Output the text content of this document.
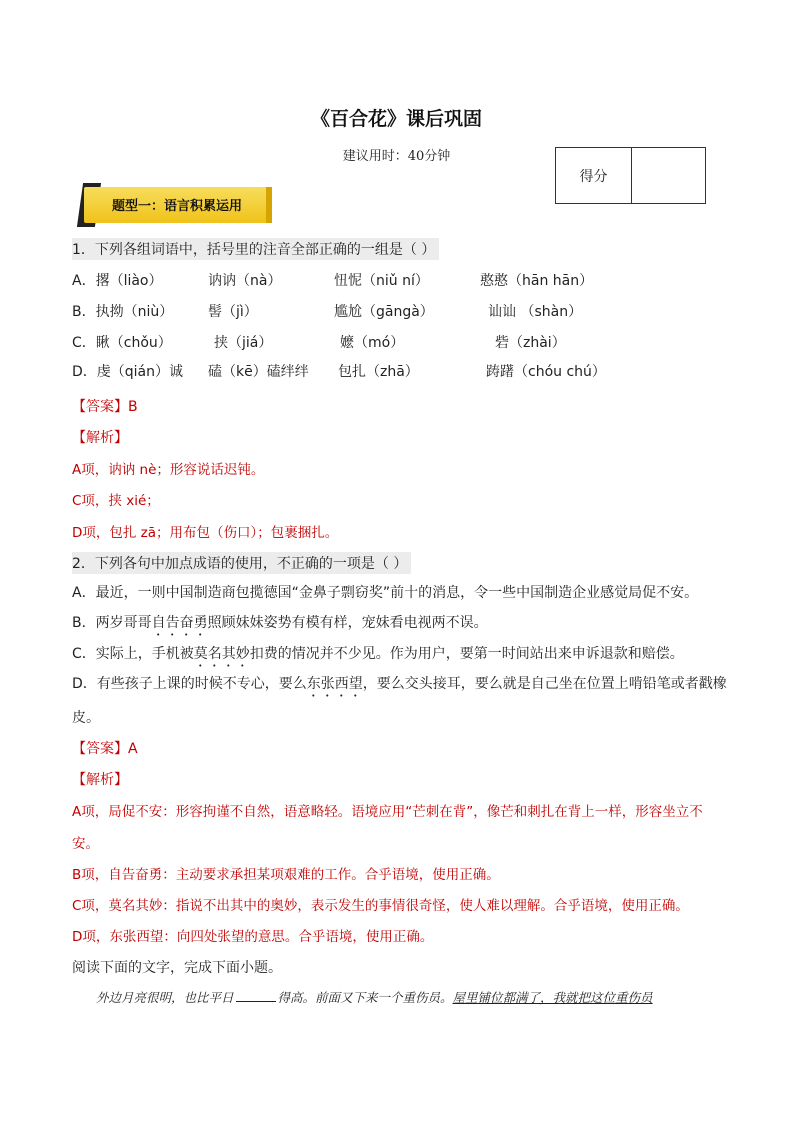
《百合花》课后巩固
建议用时：40分钟
得分
题型一：语言积累运用
1．下列各组词语中，括号里的注音全部正确的一组是（ ）
A．撂（liào）	讷讷（nà）	忸怩（niǔ ní）	憨憨（hān hān）
B．执拗（niù） 髻（jì）	尴尬（gāngà）	讪讪 （shàn）
C．瞅（chǒu）	挟（jiá）	嬷（mó）	砦（zhài）
D．虔（qián）诚 磕（kē）磕绊绊 包扎（zhā）	踌躇（chóu chú）
【答案】B
【解析】
A项，讷讷 nè；形容说话迟钝。
C项，挟 xié；
D项，包扎 zā；用布包（伤口）；包裹捆扎。
2．下列各句中加点成语的使用，不正确的一项是（ ）
A．最近，一则中国制造商包揽德国“金鼻子剽窃奖”前十的消息，令一些中国制造企业感觉局促不安。
B．两岁哥哥自告奋勇照顾妹妹姿势有模有样，宠妹看电视两不误。
C．实际上，手机被莫名其妙扣费的情况并不少见。作为用户，要第一时间站出来申诉退款和赔偿。
D．有些孩子上课的时候不专心，要么东张西望，要么交头接耳，要么就是自己坐在位置上啃铅笔或者戳橡
皮。
【答案】A
【解析】
A项，局促不安：形容拘谨不自然，语意略轻。语境应用“芒刺在背”，像芒和刺扎在背上一样，形容坐立不
安。
B项，自告奋勇：主动要求承担某项艰难的工作。合乎语境，使用正确。
C项，莫名其妙：指说不出其中的奥妙，表示发生的事情很奇怪，使人难以理解。合乎语境，使用正确。
D项，东张西望：向四处张望的意思。合乎语境，使用正确。
阅读下面的文字，完成下面小题。
外边月亮很明，也比平日	得高。前面又下来一个重伤员。屋里铺位都满了，我就把这位重伤员
